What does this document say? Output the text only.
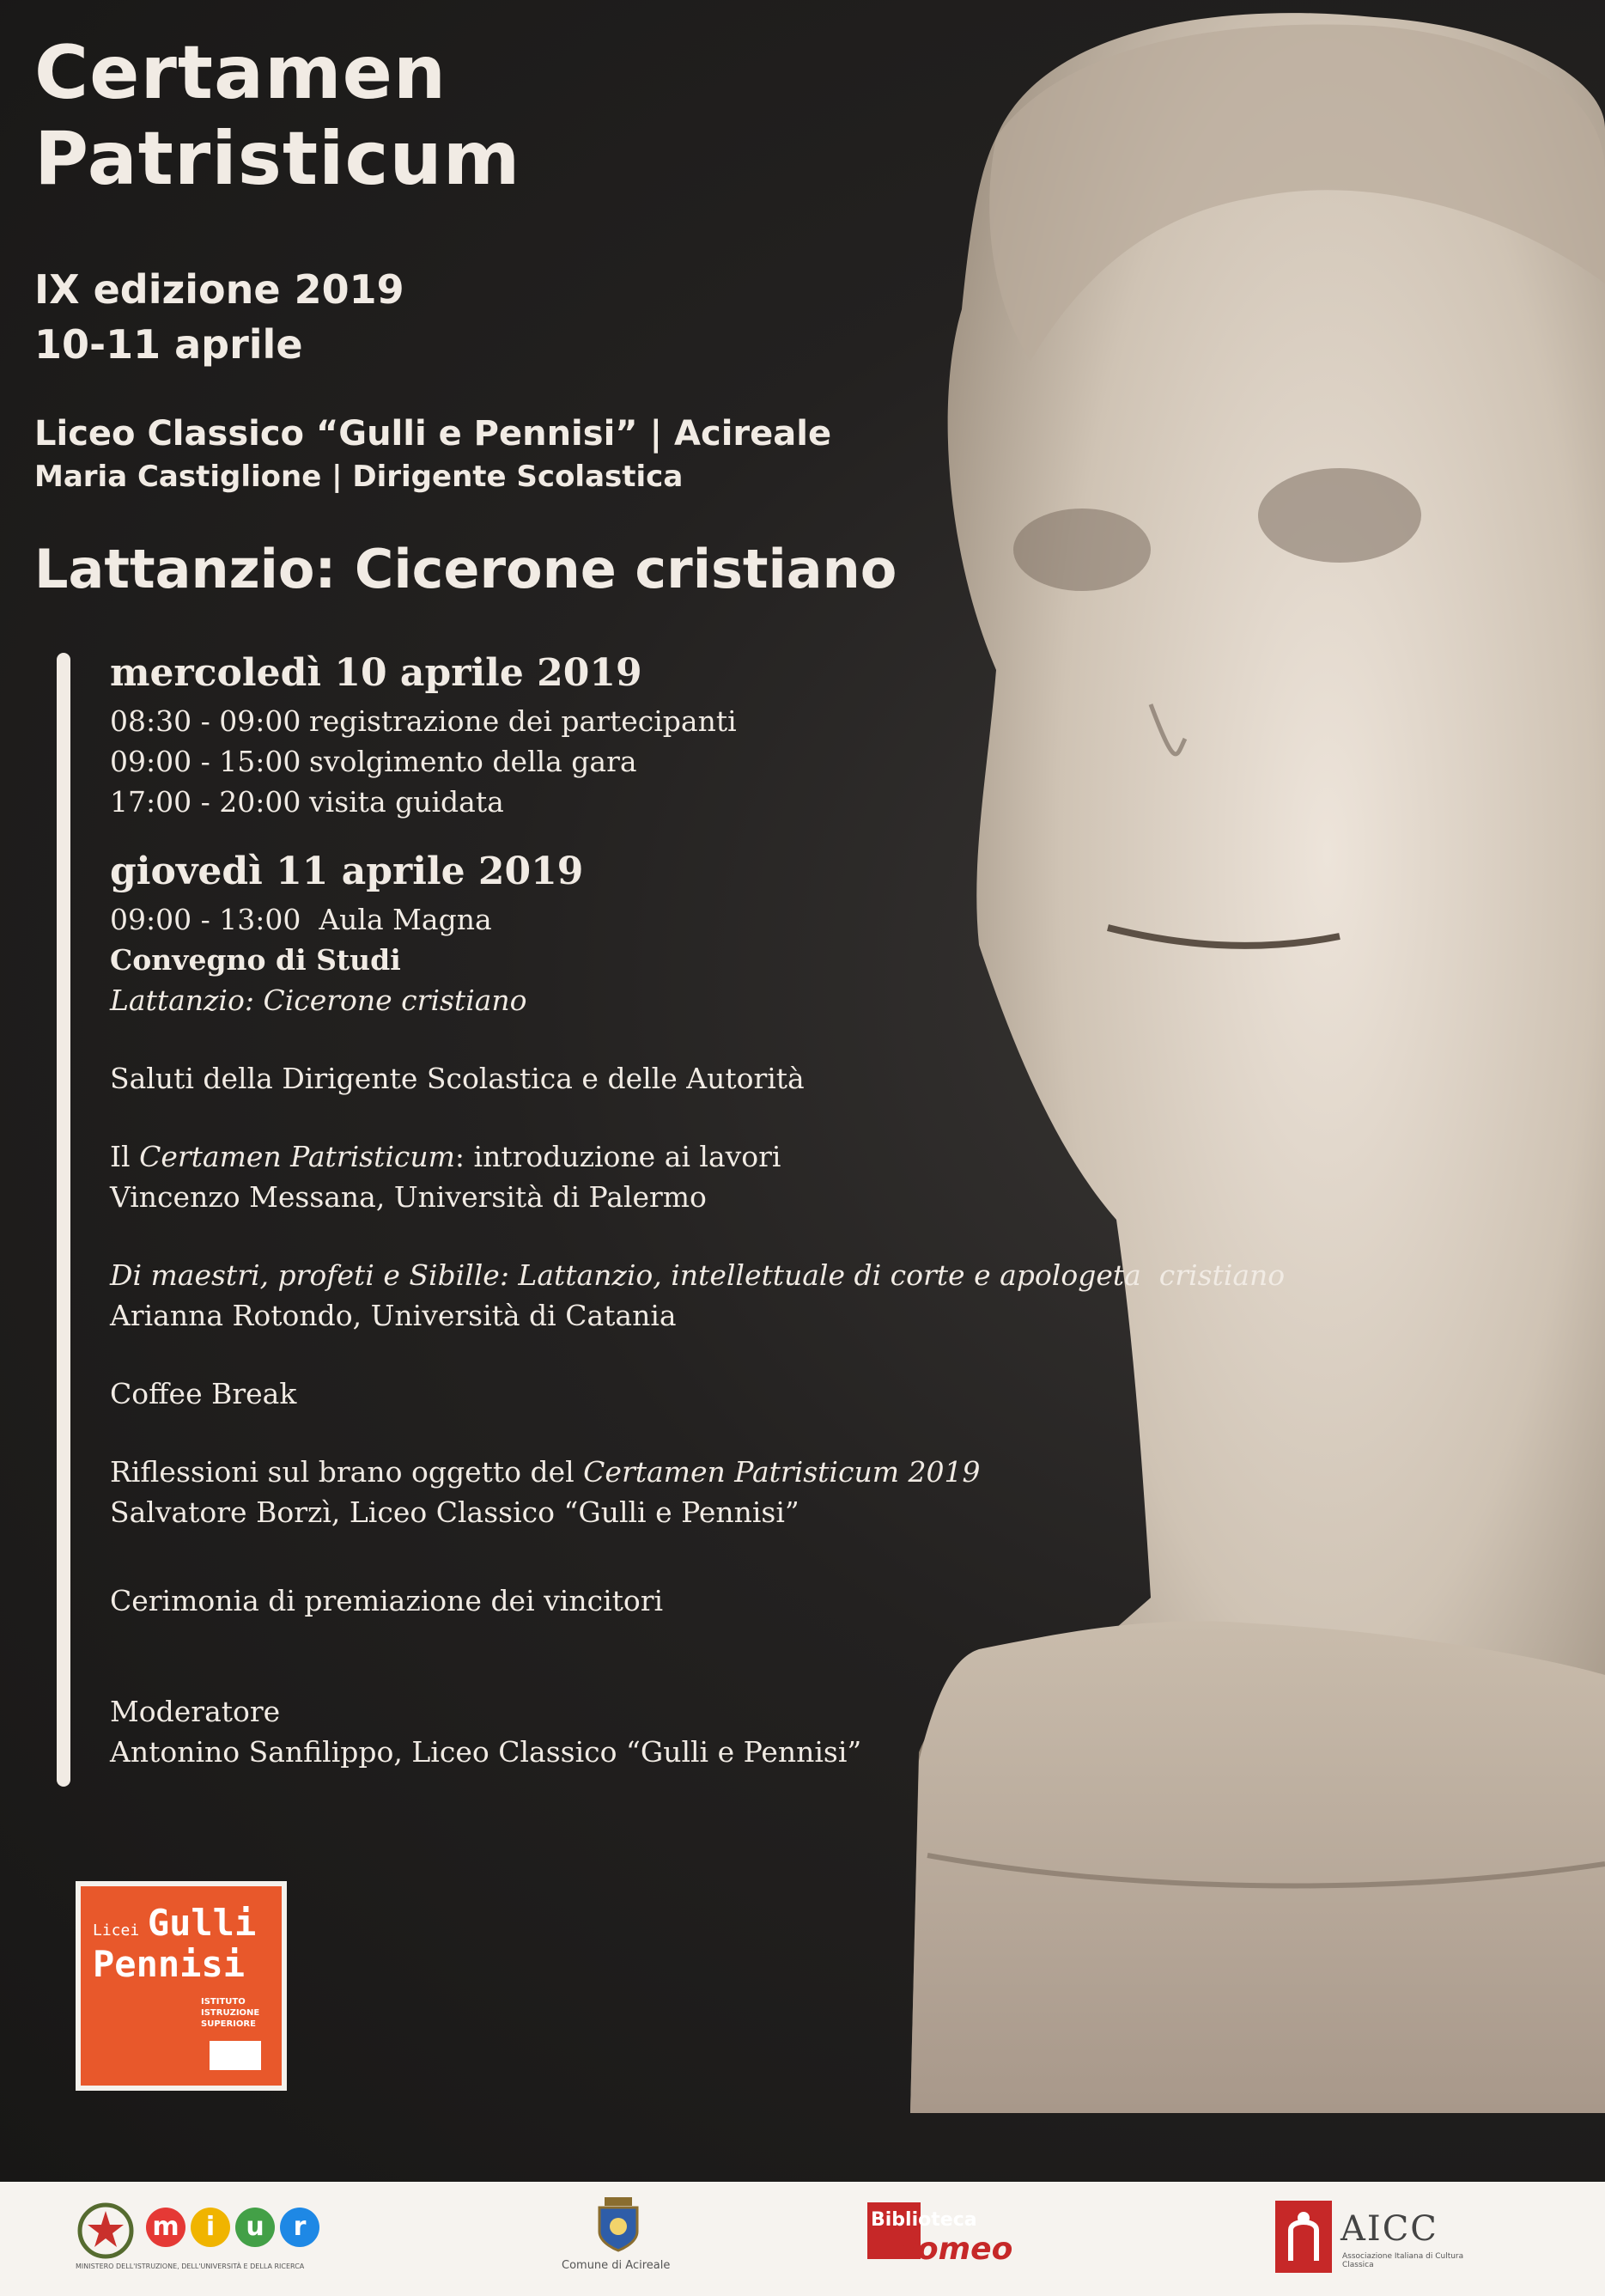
Certamen Patristicum
IX edizione 2019
10-11 aprile
Liceo Classico “Gulli e Pennisi” | Acireale
Maria Castiglione | Dirigente Scolastica
Lattanzio: Cicerone cristiano
mercoledì 10 aprile 2019
08:30 - 09:00 registrazione dei partecipanti
09:00 - 15:00 svolgimento della gara
17:00 - 20:00 visita guidata
giovedì 11 aprile 2019
09:00 - 13:00 Aula Magna
Convegno di Studi
Lattanzio: Cicerone cristiano
Saluti della Dirigente Scolastica e delle Autorità
Il Certamen Patristicum: introduzione ai lavori
Vincenzo Messana, Università di Palermo
Di maestri, profeti e Sibille: Lattanzio, intellettuale di corte e apologeta cristiano
Arianna Rotondo, Università di Catania
Coffee Break
Riflessioni sul brano oggetto del Certamen Patristicum 2019
Salvatore Borzì, Liceo Classico “Gulli e Pennisi”
Cerimonia di premiazione dei vincitori
Moderatore
Antonino Sanfilippo, Liceo Classico “Gulli e Pennisi”
Licei Gulli
Pennisi
ISTITUTO
ISTRUZIONE
SUPERIORE
m	i	u	r
MINISTERO DELL'ISTRUZIONE, DELL'UNIVERSITÀ E DELLA RICERCA	Comune di Acireale
Biblioteca
Romeo
AICC
Associazione Italiana di Cultura Classica
